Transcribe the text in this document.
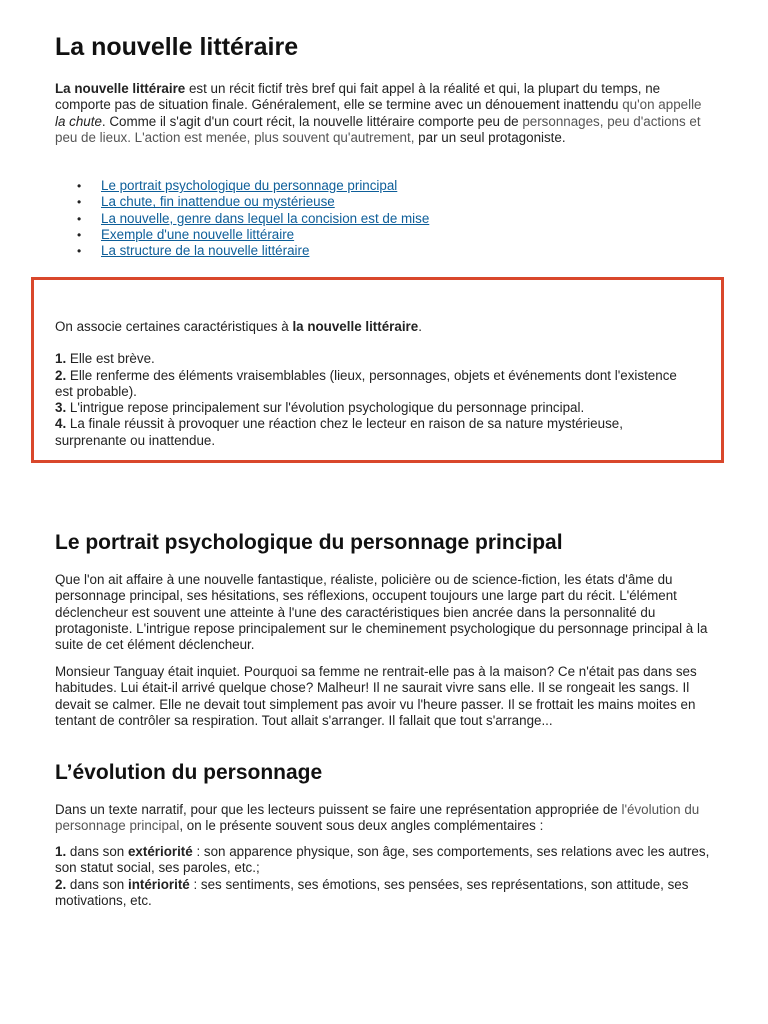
La nouvelle littéraire

La nouvelle littéraire est un récit fictif très bref qui fait appel à la réalité et qui, la plupart du temps, ne comporte pas de situation finale. Généralement, elle se termine avec un dénouement inattendu qu'on appelle la chute. Comme il s'agit d'un court récit, la nouvelle littéraire comporte peu de personnages, peu d'actions et peu de lieux. L'action est menée, plus souvent qu'autrement, par un seul protagoniste.

• Le portrait psychologique du personnage principal
• La chute, fin inattendue ou mystérieuse
• La nouvelle, genre dans lequel la concision est de mise
• Exemple d'une nouvelle littéraire
• La structure de la nouvelle littéraire
On associe certaines caractéristiques à la nouvelle littéraire.
1. Elle est brève.
2. Elle renferme des éléments vraisemblables (lieux, personnages, objets et événements dont l'existence est probable).
3. L'intrigue repose principalement sur l'évolution psychologique du personnage principal.
4. La finale réussit à provoquer une réaction chez le lecteur en raison de sa nature mystérieuse, surprenante ou inattendue.
Le portrait psychologique du personnage principal

Que l'on ait affaire à une nouvelle fantastique, réaliste, policière ou de science-fiction, les états d'âme du personnage principal, ses hésitations, ses réflexions, occupent toujours une large part du récit. L'élément déclencheur est souvent une atteinte à l'une des caractéristiques bien ancrée dans la personnalité du protagoniste. L'intrigue repose principalement sur le cheminement psychologique du personnage principal à la suite de cet élément déclencheur.

Monsieur Tanguay était inquiet. Pourquoi sa femme ne rentrait-elle pas à la maison? Ce n'était pas dans ses habitudes. Lui était-il arrivé quelque chose? Malheur! Il ne saurait vivre sans elle. Il se rongeait les sangs. Il devait se calmer. Elle ne devait tout simplement pas avoir vu l'heure passer. Il se frottait les mains moites en tentant de contrôler sa respiration. Tout allait s'arranger. Il fallait que tout s'arrange...

L’évolution du personnage

Dans un texte narratif, pour que les lecteurs puissent se faire une représentation appropriée de l'évolution du personnage principal, on le présente souvent sous deux angles complémentaires :

1. dans son extériorité : son apparence physique, son âge, ses comportements, ses relations avec les autres, son statut social, ses paroles, etc.;
2. dans son intériorité : ses sentiments, ses émotions, ses pensées, ses représentations, son attitude, ses motivations, etc.
